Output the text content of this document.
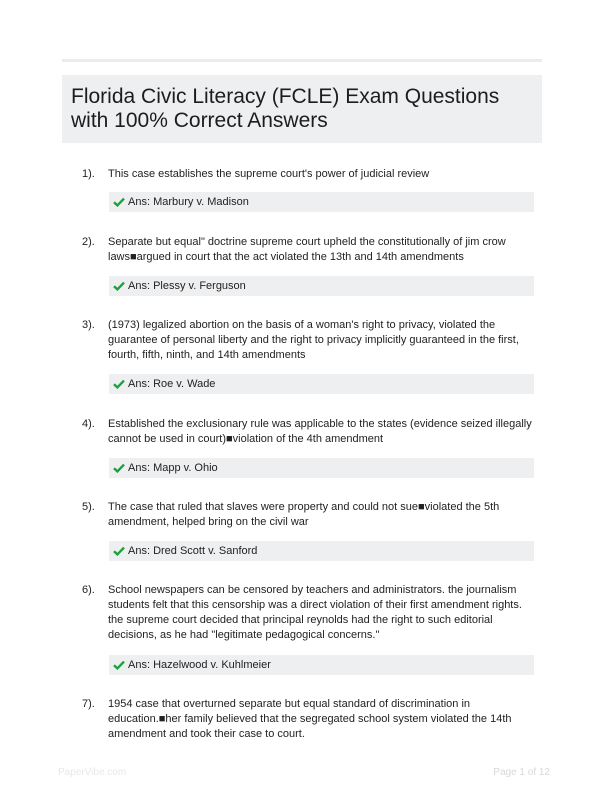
Florida Civic Literacy (FCLE) Exam Questions with 100% Correct Answers
1). This case establishes the supreme court's power of judicial review
Ans: Marbury v. Madison
2). Separate but equal" doctrine supreme court upheld the constitutionally of jim crow laws■argued in court that the act violated the 13th and 14th amendments
Ans: Plessy v. Ferguson
3). (1973) legalized abortion on the basis of a woman's right to privacy, violated the guarantee of personal liberty and the right to privacy implicitly guaranteed in the first, fourth, fifth, ninth, and 14th amendments
Ans: Roe v. Wade
4). Established the exclusionary rule was applicable to the states (evidence seized illegally cannot be used in court)■violation of the 4th amendment
Ans: Mapp v. Ohio
5). The case that ruled that slaves were property and could not sue■violated the 5th amendment, helped bring on the civil war
Ans: Dred Scott v. Sanford
6). School newspapers can be censored by teachers and administrators. the journalism students felt that this censorship was a direct violation of their first amendment rights. the supreme court decided that principal reynolds had the right to such editorial decisions, as he had "legitimate pedagogical concerns."
Ans: Hazelwood v. Kuhlmeier
7). 1954 case that overturned separate but equal standard of discrimination in education.■her family believed that the segregated school system violated the 14th amendment and took their case to court.
PaperVibe.com	Page 1 of 12
